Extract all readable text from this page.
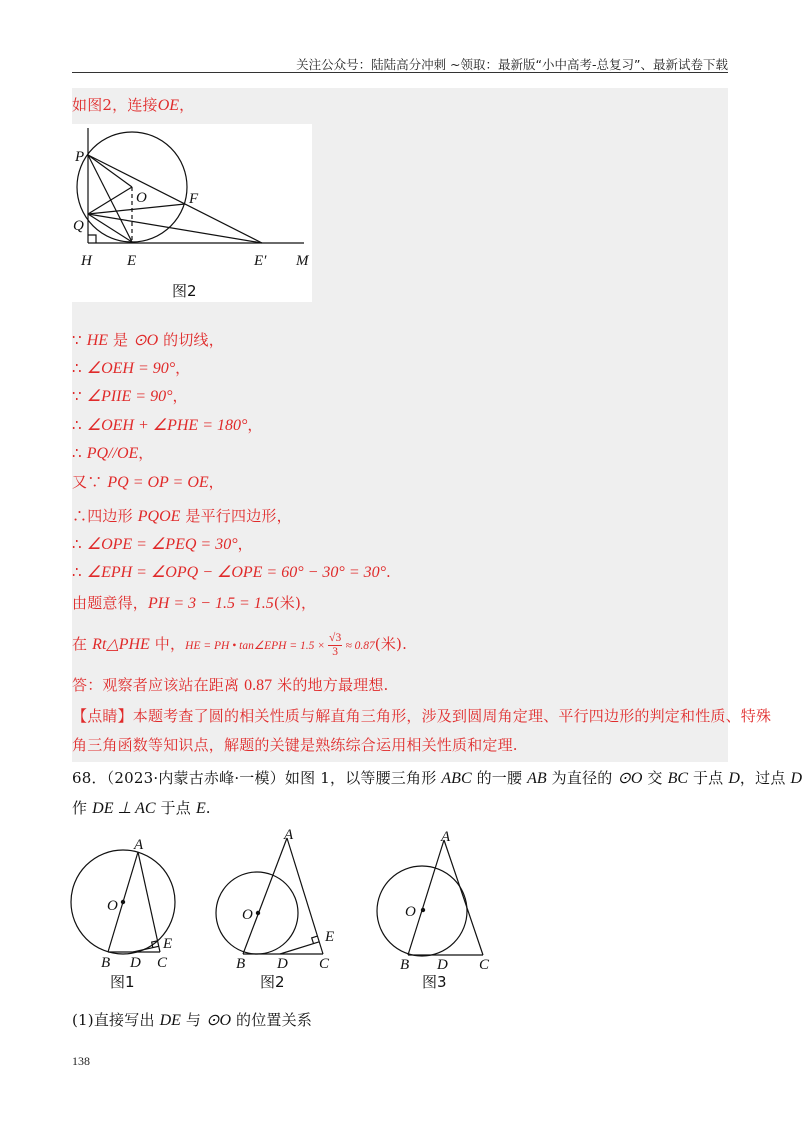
关注公众号：陆陆高分冲刺 ~领取：最新版“小中高考-总复习”、最新试卷下载
如图2，连接OE，
P
Q
O	F
H E	E′ M
图2
∵ HE 是 ⊙O 的切线，
∴ ∠OEH = 90°，
∵ ∠PIIE = 90°，
∴ ∠OEH + ∠PHE = 180°，
∴ PQ//OE，
又∵ PQ = OP = OE，
∴四边形 PQOE 是平行四边形，
∴ ∠OPE = ∠PEQ = 30°，
∴ ∠EPH = ∠OPQ − ∠OPE = 60° − 30° = 30°.
由题意得，PH = 3 − 1.5 = 1.5(米)，
在 Rt△PHE 中，HE = PH • tan∠EPH = $1.5 \times \frac{√3}{3} \approx 0.87$(米).
答：观察者应该站在距离 0.87 米的地方最理想.
【点睛】本题考查了圆的相关性质与解直角三角形，涉及到圆周角定理、平行四边形的判定和性质、特殊
角三角函数等知识点，解题的关键是熟练综合运用相关性质和定理.
68．（2023·内蒙古赤峰·一模）如图 1，以等腰三角形 ABC 的一腰 AB 为直径的 ⊙O 交 BC 于点 D，过点 D
作 DE ⊥ AC 于点 E.
A
O
B D C
E
图1
A
O
B D C
E
图2
A
O
B D C
图3
(1)直接写出 DE 与 ⊙O 的位置关系
138
